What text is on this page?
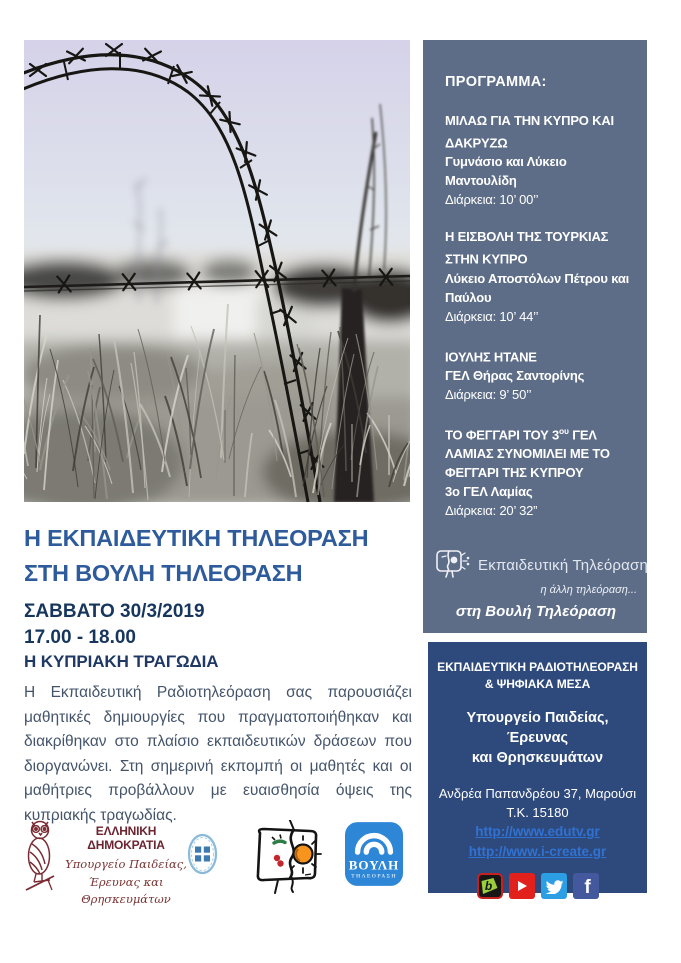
ΠΡΟΓΡΑΜΜΑ:
ΜΙΛΑΩ ΓΙΑ ΤΗΝ ΚΥΠΡΟ ΚΑΙ ΔΑΚΡΥΖΩ
Γυμνάσιο και Λύκειο Μαντουλίδη
Διάρκεια: 10’ 00’’
Η ΕΙΣΒΟΛΗ ΤΗΣ ΤΟΥΡΚΙΑΣ ΣΤΗΝ ΚΥΠΡΟ
Λύκειο Αποστόλων Πέτρου και Παύλου
Διάρκεια: 10’ 44’’
ΙΟΥΛΗΣ ΗΤΑΝΕ
ΓΕΛ Θήρας Σαντορίνης
Διάρκεια: 9’ 50’’
ΤΟ ΦΕΓΓΑΡΙ ΤΟΥ $3^{o\upsilon}$ ΓΕΛ ΛΑΜΙΑΣ ΣΥΝΟΜΙΛΕΙ ΜΕ ΤΟ ΦΕΓΓΑΡΙ ΤΗΣ ΚΥΠΡΟΥ
3ο ΓΕΛ Λαμίας
Διάρκεια: 20’ 32”
Εκπαιδευτική Τηλεόραση
η άλλη τηλεόραση...
στη Βουλή Τηλεόραση
Η ΕΚΠΑΙΔΕΥΤΙΚΗ ΤΗΛΕΟΡΑΣΗ
ΣΤΗ ΒΟΥΛΗ ΤΗΛΕΟΡΑΣΗ
ΣΑΒΒΑΤΟ 30/3/2019
17.00 - 18.00
Η ΚΥΠΡΙΑΚΗ ΤΡΑΓΩΔΙΑ
Η Εκπαιδευτική Ραδιοτηλεόραση σας παρουσιάζει μαθητικές δημιουργίες που πραγματοποιήθηκαν και διακρίθηκαν στο πλαίσιο εκπαιδευτικών δράσεων που διοργανώνει. Στη σημερινή εκπομπή οι μαθητές και οι μαθήτριες προβάλλουν με ευαισθησία όψεις της κυπριακής τραγωδίας.
ΕΚΠΑΙΔΕΥΤΙΚΗ ΡΑΔΙΟΤΗΛΕΟΡΑΣΗ
& ΨΗΦΙΑΚΑ ΜΕΣΑ
Υπουργείο Παιδείας, Έρευνας
και Θρησκευμάτων
Ανδρέα Παπανδρέου 37, Μαρούσι
Τ.Κ. 15180
http://www.edutv.gr
http://www.i-create.gr
b	f
ΕΛΛΗΝΙΚΗ ΔΗΜΟΚΡΑΤΙΑ
Υπουργείο Παιδείας,
Έρευνας και Θρησκευμάτων
ΒΟΥΛΗ
ΤΗΛΕΟΡΑΣΗ
